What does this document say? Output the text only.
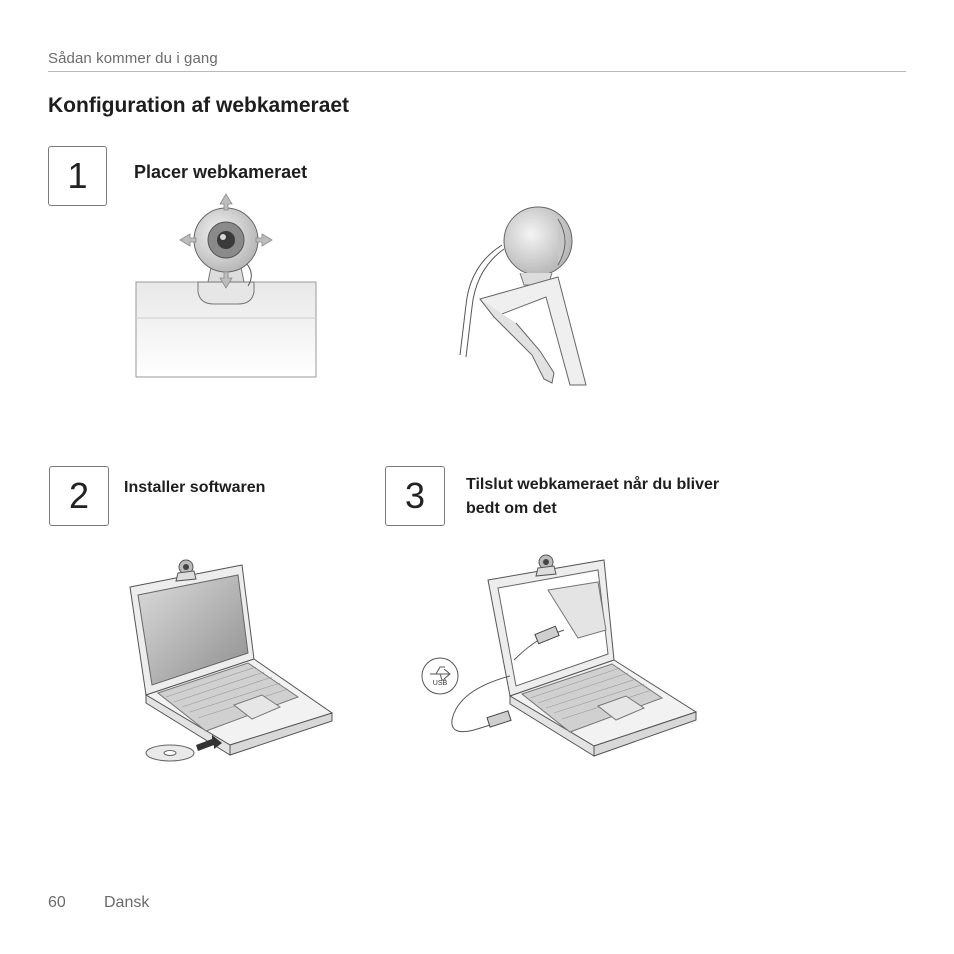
Sådan kommer du i gang
Konfiguration af webkameraet
1	Placer webkameraet
2	Installer softwaren	3	Tilslut webkameraet når du bliver
bedt om det
USB
60 Dansk
